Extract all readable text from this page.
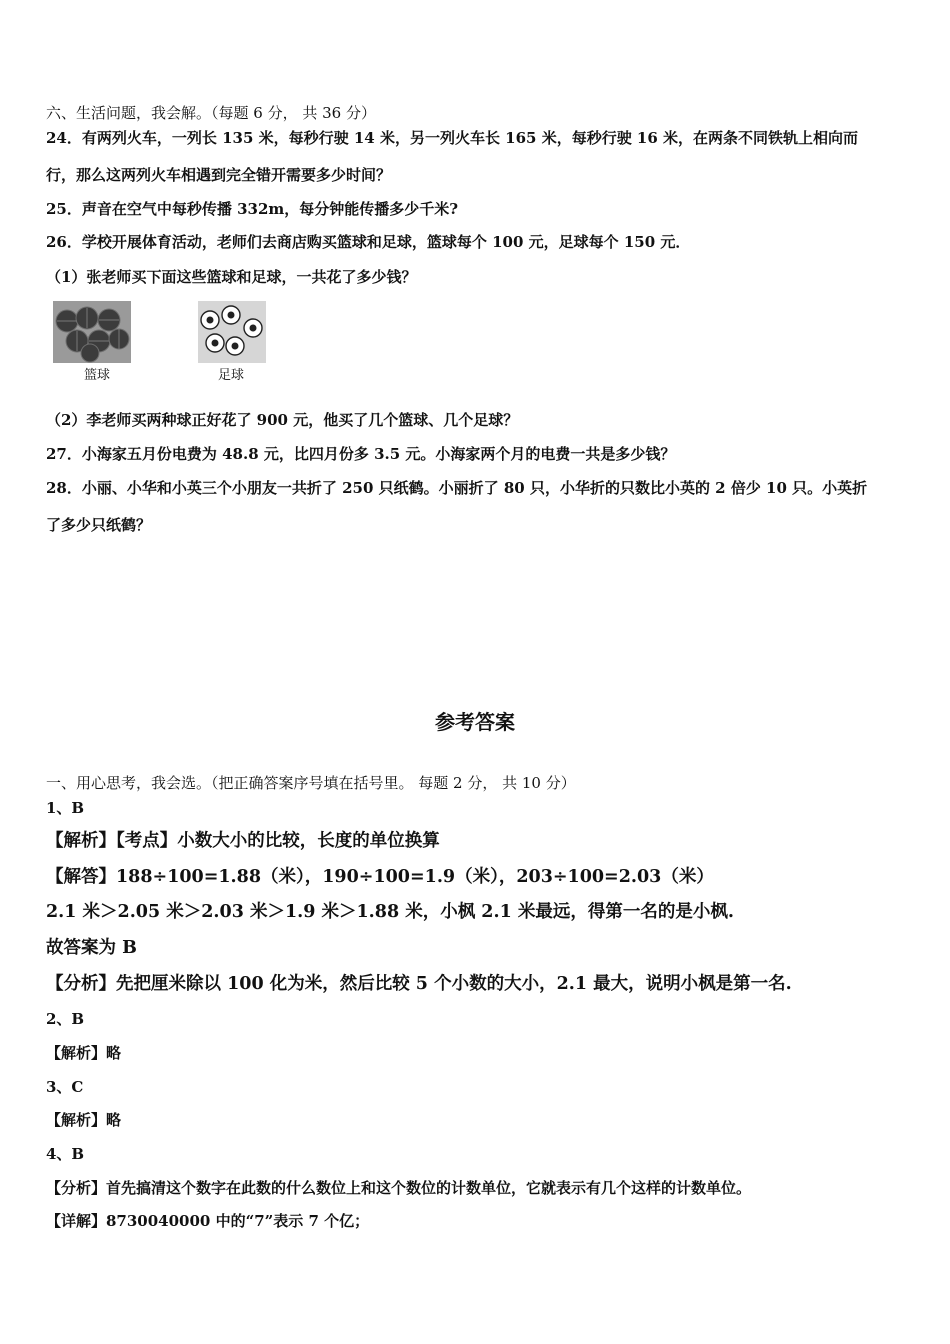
六、生活问题，我会解。（每题 6 分， 共 36 分）
24．有两列火车，一列长 135 米，每秒行驶 14 米，另一列火车长 165 米，每秒行驶 16 米，在两条不同铁轨上相向而
行，那么这两列火车相遇到完全错开需要多少时间？
25．声音在空气中每秒传播 332m，每分钟能传播多少千米?
26．学校开展体育活动，老师们去商店购买篮球和足球，篮球每个 100 元，足球每个 150 元．
（1）张老师买下面这些篮球和足球，一共花了多少钱？
篮球	足球
（2）李老师买两种球正好花了 900 元，他买了几个篮球、几个足球？
27．小海家五月份电费为 48.8 元，比四月份多 3.5 元。小海家两个月的电费一共是多少钱？
28．小丽、小华和小英三个小朋友一共折了 250 只纸鹤。小丽折了 80 只，小华折的只数比小英的 2 倍少 10 只。小英折
了多少只纸鹤？
参考答案
一、用心思考，我会选。（把正确答案序号填在括号里。 每题 2 分， 共 10 分）
1、B
【解析】【考点】小数大小的比较，长度的单位换算
【解答】188÷100=1.88（米），190÷100=1.9（米），203÷100=2.03（米）
2.1 米＞2.05 米＞2.03 米＞1.9 米＞1.88 米，小枫 2.1 米最远，得第一名的是小枫.
故答案为 B
【分析】先把厘米除以 100 化为米，然后比较 5 个小数的大小，2.1 最大，说明小枫是第一名.
2、B
【解析】略
3、C
【解析】略
4、B
【分析】首先搞清这个数字在此数的什么数位上和这个数位的计数单位，它就表示有几个这样的计数单位。
【详解】8730040000 中的“7”表示 7 个亿；
